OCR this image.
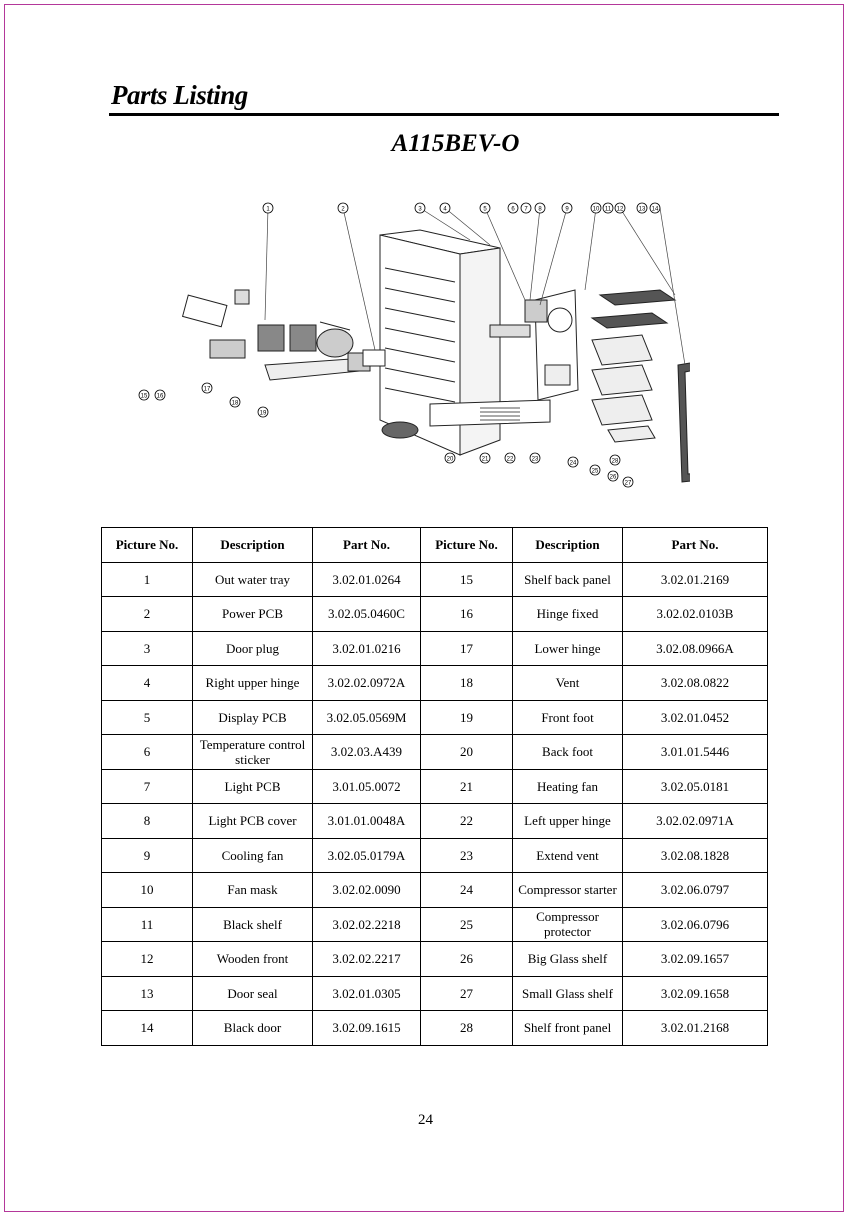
Parts Listing
A115BEV-O
1	2	3	4	5	6 7 8	9	10 11 12	13 14
15 16
17
18
19
20	21	22	23
24
25
26
27
28
Picture No.	Description	Part No.	Picture No.	Description	Part No.
1	Out water tray	3.02.01.0264	15	Shelf back panel	3.02.01.2169
2	Power PCB	3.02.05.0460C	16	Hinge fixed	3.02.02.0103B
3	Door plug	3.02.01.0216	17	Lower hinge	3.02.08.0966A
4	Right upper hinge	3.02.02.0972A	18	Vent	3.02.08.0822
5	Display PCB	3.02.05.0569M	19	Front foot	3.02.01.0452
6	Temperature control sticker	3.02.03.A439	20	Back foot	3.01.01.5446
7	Light PCB	3.01.05.0072	21	Heating fan	3.02.05.0181
8	Light PCB cover	3.01.01.0048A	22	Left upper hinge	3.02.02.0971A
9	Cooling fan	3.02.05.0179A	23	Extend vent	3.02.08.1828
10	Fan mask	3.02.02.0090	24	Compressor starter	3.02.06.0797
11	Black shelf	3.02.02.2218	25	Compressor protector	3.02.06.0796
12	Wooden front	3.02.02.2217	26	Big Glass shelf	3.02.09.1657
13	Door seal	3.02.01.0305	27	Small Glass shelf	3.02.09.1658
14	Black door	3.02.09.1615	28	Shelf front panel	3.02.01.2168
24
